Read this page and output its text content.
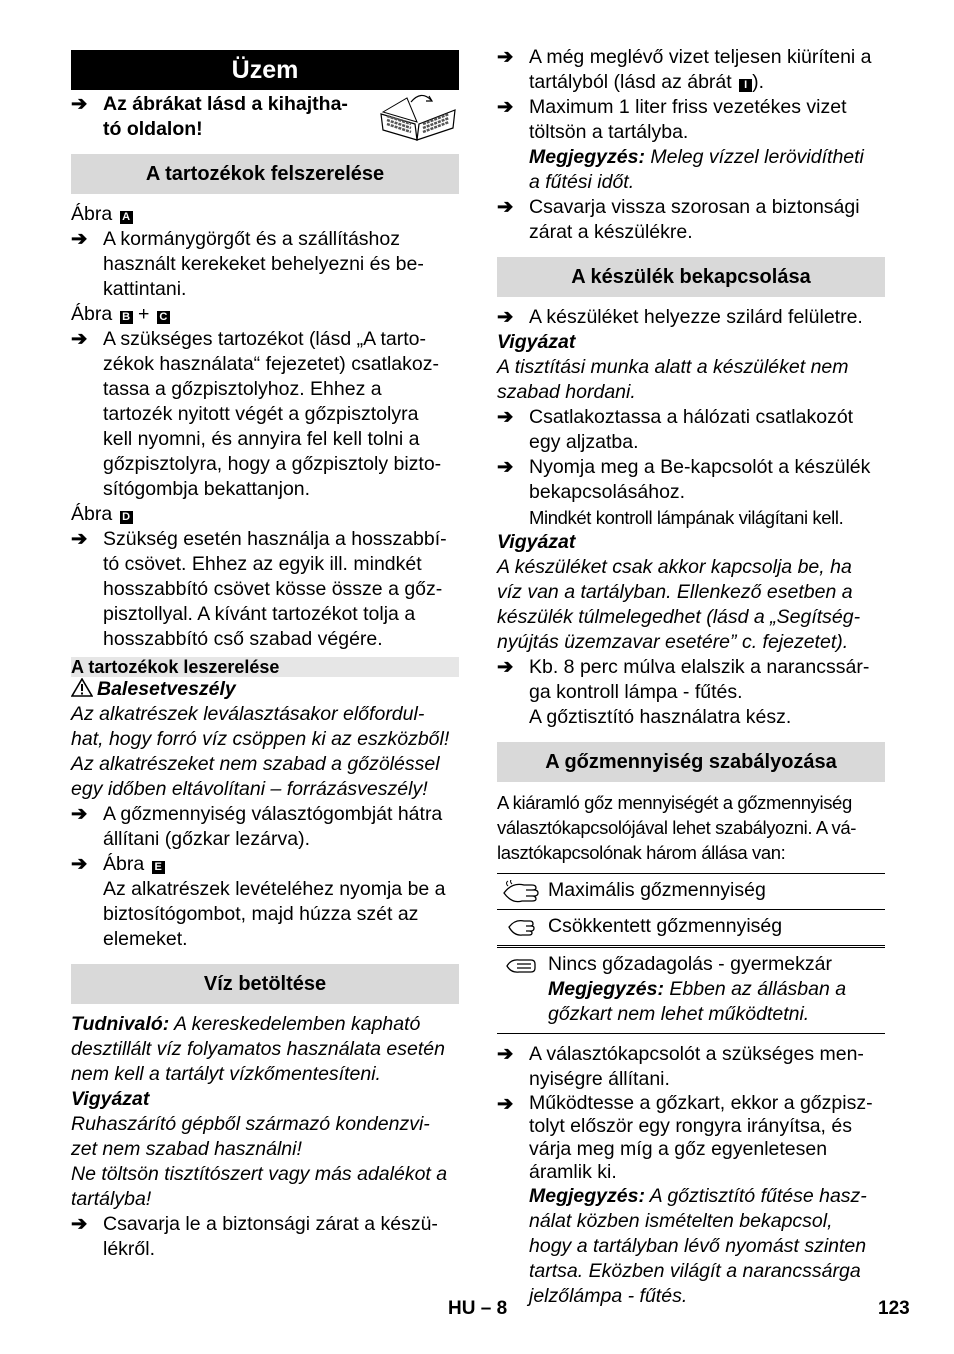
Üzem
➔ Az ábrákat lásd a kihajtha-
tó oldalon!
A tartozékok felszerelése
Ábra A
➔ A kormánygörgőt és a szállításhoz
használt kerekeket behelyezni és be-
kattintani.
Ábra B + C
➔ A szükséges tartozékot (lásd „A tarto-
zékok használata“ fejezetet) csatlakoz-
tassa a gőzpisztolyhoz. Ehhez a
tartozék nyitott végét a gőzpisztolyra
kell nyomni, és annyira fel kell tolni a
gőzpisztolyra, hogy a gőzpisztoly bizto-
sítógombja bekattanjon.
Ábra D
➔ Szükség esetén használja a hosszabbí-
tó csövet. Ehhez az egyik ill. mindkét
hosszabbító csövet kösse össze a gőz-
pisztollyal. A kívánt tartozékot tolja a
hosszabbító cső szabad végére.
A tartozékok leszerelése
Balesetveszély
Az alkatrészek leválasztásakor előfordul-
hat, hogy forró víz csöppen ki az eszközből!
Az alkatrészeket nem szabad a gőzöléssel
egy időben eltávolítani – forrázásveszély!
➔ A gőzmennyiség választógombját hátra
állítani (gőzkar lezárva).
➔ Ábra E
Az alkatrészek levételéhez nyomja be a
biztosítógombot, majd húzza szét az
elemeket.
Víz betöltése
Tudnivaló: A kereskedelemben kapható
desztillált víz folyamatos használata esetén
nem kell a tartályt vízkőmentesíteni.
Vigyázat
Ruhaszárító gépből származó kondenzvi-
zet nem szabad használni!
Ne töltsön tisztítószert vagy más adalékot a
tartályba!
➔ Csavarja le a biztonsági zárat a készü-
lékről.
➔ A még meglévő vizet teljesen kiüríteni a
tartályból (lásd az ábrát I ).
➔ Maximum 1 liter friss vezetékes vizet
töltsön a tartályba.
Megjegyzés: Meleg vízzel lerövidítheti
a fűtési időt.
➔ Csavarja vissza szorosan a biztonsági
zárat a készülékre.
A készülék bekapcsolása
➔ A készüléket helyezze szilárd felületre.
Vigyázat
A tisztítási munka alatt a készüléket nem
szabad hordani.
➔ Csatlakoztassa a hálózati csatlakozót
egy aljzatba.
➔ Nyomja meg a Be-kapcsolót a készülék
bekapcsolásához.
Mindkét kontroll lámpának világítani kell.
Vigyázat
A készüléket csak akkor kapcsolja be, ha
víz van a tartályban. Ellenkező esetben a
készülék túlmelegedhet (lásd a „Segítség-
nyújtás üzemzavar esetére” c. fejezetet).
➔ Kb. 8 perc múlva elalszik a narancssár-
ga kontroll lámpa - fűtés.
A gőztisztító használatra kész.
A gőzmennyiség szabályozása
A kiáramló gőz mennyiségét a gőzmennyiség
választókapcsolójával lehet szabályozni. A vá-
lasztókapcsolónak három állása van:
Maximális gőzmennyiség
Csökkentett gőzmennyiség
Nincs gőzadagolás - gyermekzár
Megjegyzés: Ebben az állásban a
gőzkart nem lehet működtetni.
➔ A választókapcsolót a szükséges men-
nyiségre állítani.
➔ Működtesse a gőzkart, ekkor a gőzpisz-
tolyt először egy rongyra irányítsa, és
várja meg míg a gőz egyenletesen
áramlik ki.
Megjegyzés: A gőztisztító fűtése hasz-
nálat közben ismételten bekapcsol,
hogy a tartályban lévő nyomást szinten
tartsa. Eközben világít a narancssárga
jelzőlámpa - fűtés.
HU – 8	123
